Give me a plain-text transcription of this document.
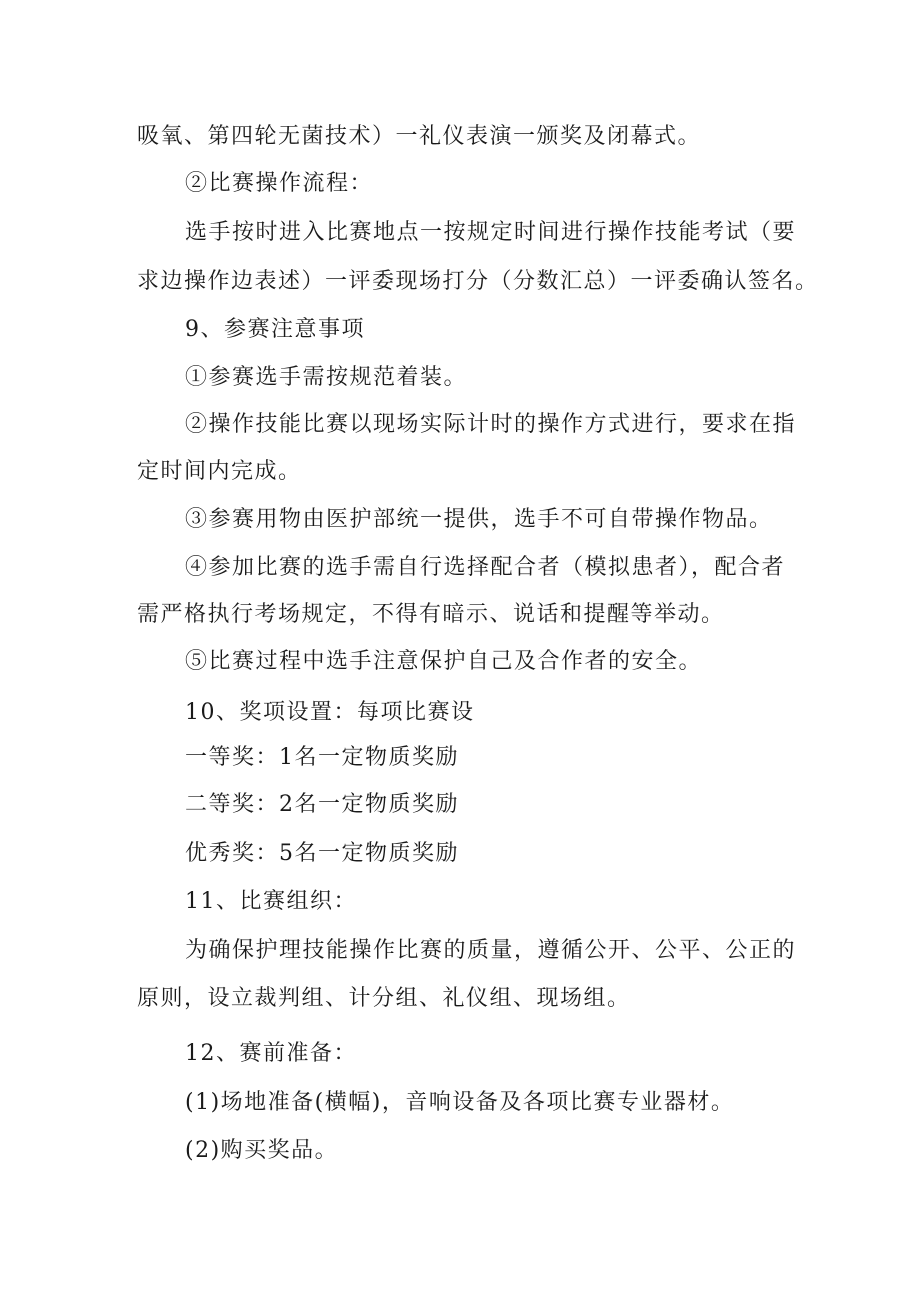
吸氧、第四轮无菌技术）一礼仪表演一颁奖及闭幕式。
②比赛操作流程：
选手按时进入比赛地点一按规定时间进行操作技能考试（要
求边操作边表述）一评委现场打分（分数汇总）一评委确认签名。
9、参赛注意事项
①参赛选手需按规范着装。
②操作技能比赛以现场实际计时的操作方式进行，要求在指
定时间内完成。
③参赛用物由医护部统一提供，选手不可自带操作物品。
④参加比赛的选手需自行选择配合者（模拟患者），配合者
需严格执行考场规定，不得有暗示、说话和提醒等举动。
⑤比赛过程中选手注意保护自己及合作者的安全。
10、奖项设置：每项比赛设
一等奖：1名一定物质奖励
二等奖：2名一定物质奖励
优秀奖：5名一定物质奖励
11、比赛组织：
为确保护理技能操作比赛的质量，遵循公开、公平、公正的
原则，设立裁判组、计分组、礼仪组、现场组。
12、赛前准备：
(1)场地准备(横幅)，音响设备及各项比赛专业器材。
(2)购买奖品。
